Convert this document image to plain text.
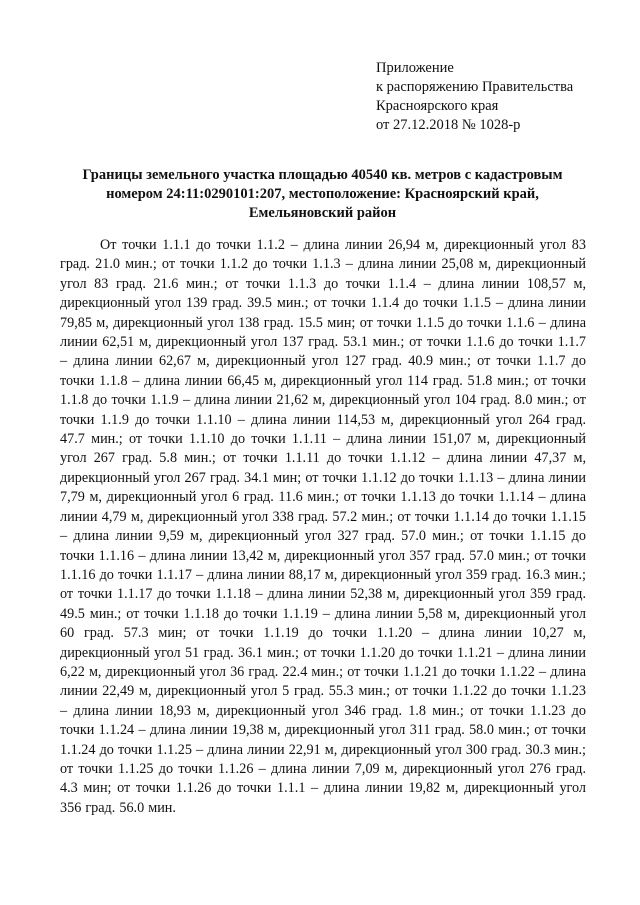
Приложение
к распоряжению Правительства
Красноярского края
от 27.12.2018 № 1028-р
Границы земельного участка площадью 40540 кв. метров с кадастровым
номером 24:11:0290101:207, местоположение: Красноярский край,
Емельяновский район
От точки 1.1.1 до точки 1.1.2 – длина линии 26,94 м, дирекционный угол 83 град. 21.0 мин.; от точки 1.1.2 до точки 1.1.3 – длина линии 25,08 м, дирекционный угол 83 град. 21.6 мин.; от точки 1.1.3 до точки 1.1.4 – длина линии 108,57 м, дирекционный угол 139 град. 39.5 мин.; от точки 1.1.4 до точки 1.1.5 – длина линии 79,85 м, дирекционный угол 138 град. 15.5 мин; от точки 1.1.5 до точки 1.1.6 – длина линии 62,51 м, дирекционный угол 137 град. 53.1 мин.; от точки 1.1.6 до точки 1.1.7 – длина линии 62,67 м, дирекционный угол 127 град. 40.9 мин.; от точки 1.1.7 до точки 1.1.8 – длина линии 66,45 м, дирекционный угол 114 град. 51.8 мин.; от точки 1.1.8 до точки 1.1.9 – длина линии 21,62 м, дирекционный угол 104 град. 8.0 мин.; от точки 1.1.9 до точки 1.1.10 – длина линии 114,53 м, дирекционный угол 264 град. 47.7 мин.; от точки 1.1.10 до точки 1.1.11 – длина линии 151,07 м, дирекционный угол 267 град. 5.8 мин.; от точки 1.1.11 до точки 1.1.12 – длина линии 47,37 м, дирекционный угол 267 град. 34.1 мин; от точки 1.1.12 до точки 1.1.13 – длина линии 7,79 м, дирекционный угол 6 град. 11.6 мин.; от точки 1.1.13 до точки 1.1.14 – длина линии 4,79 м, дирекционный угол 338 град. 57.2 мин.; от точки 1.1.14 до точки 1.1.15 – длина линии 9,59 м, дирекционный угол 327 град. 57.0 мин.; от точки 1.1.15 до точки 1.1.16 – длина линии 13,42 м, дирекционный угол 357 град. 57.0 мин.; от точки 1.1.16 до точки 1.1.17 – длина линии 88,17 м, дирекционный угол 359 град. 16.3 мин.; от точки 1.1.17 до точки 1.1.18 – длина линии 52,38 м, дирекционный угол 359 град. 49.5 мин.; от точки 1.1.18 до точки 1.1.19 – длина линии 5,58 м, дирекционный угол 60 град. 57.3 мин; от точки 1.1.19 до точки 1.1.20 – длина линии 10,27 м, дирекционный угол 51 град. 36.1 мин.; от точки 1.1.20 до точки 1.1.21 – длина линии 6,22 м, дирекционный угол 36 град. 22.4 мин.; от точки 1.1.21 до точки 1.1.22 – длина линии 22,49 м, дирекционный угол 5 град. 55.3 мин.; от точки 1.1.22 до точки 1.1.23 – длина линии 18,93 м, дирекционный угол 346 град. 1.8 мин.; от точки 1.1.23 до точки 1.1.24 – длина линии 19,38 м, дирекционный угол 311 град. 58.0 мин.; от точки 1.1.24 до точки 1.1.25 – длина линии 22,91 м, дирекционный угол 300 град. 30.3 мин.; от точки 1.1.25 до точки 1.1.26 – длина линии 7,09 м, дирекционный угол 276 град. 4.3 мин; от точки 1.1.26 до точки 1.1.1 – длина линии 19,82 м, дирекционный угол 356 град. 56.0 мин.
